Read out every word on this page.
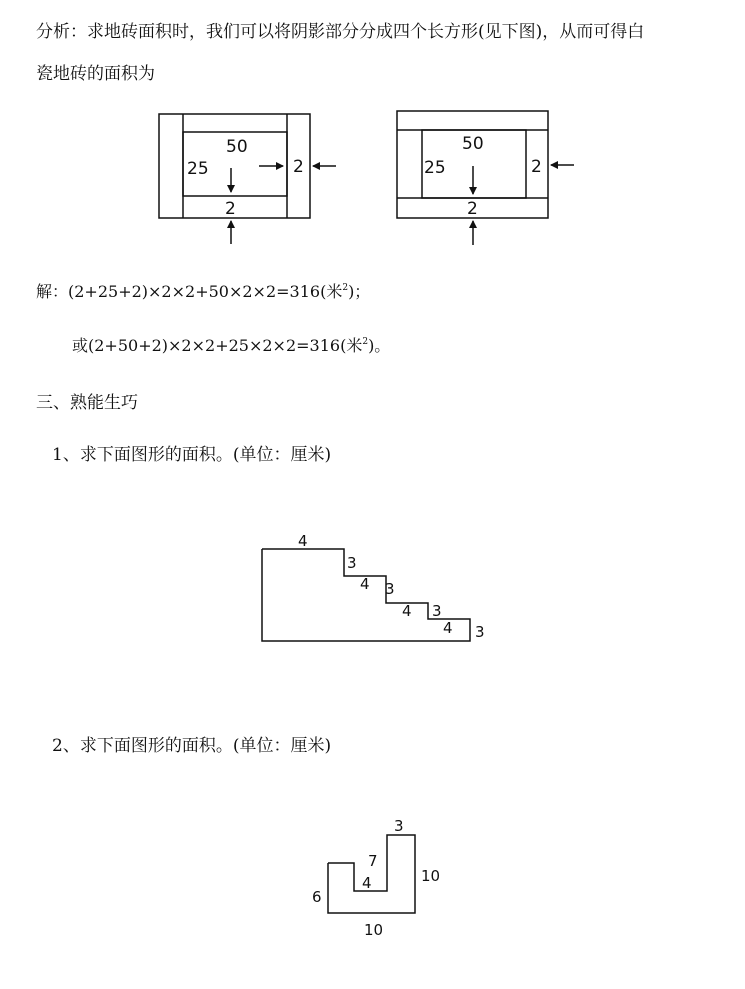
分析：求地砖面积时，我们可以将阴影部分分成四个长方形(见下图)，从而可得白
瓷地砖的面积为
解：(2+25+2)×2×2+50×2×2=316(米$^2$)；
或(2+50+2)×2×2+25×2×2=316(米$^2$)。
三、熟能生巧
1、求下面图形的面积。(单位：厘米)
2、求下面图形的面积。(单位：厘米)
50
25	2
2
50
25	2
2
4
3
4 3
4 3
4 3
3
7
4	10
6
10
